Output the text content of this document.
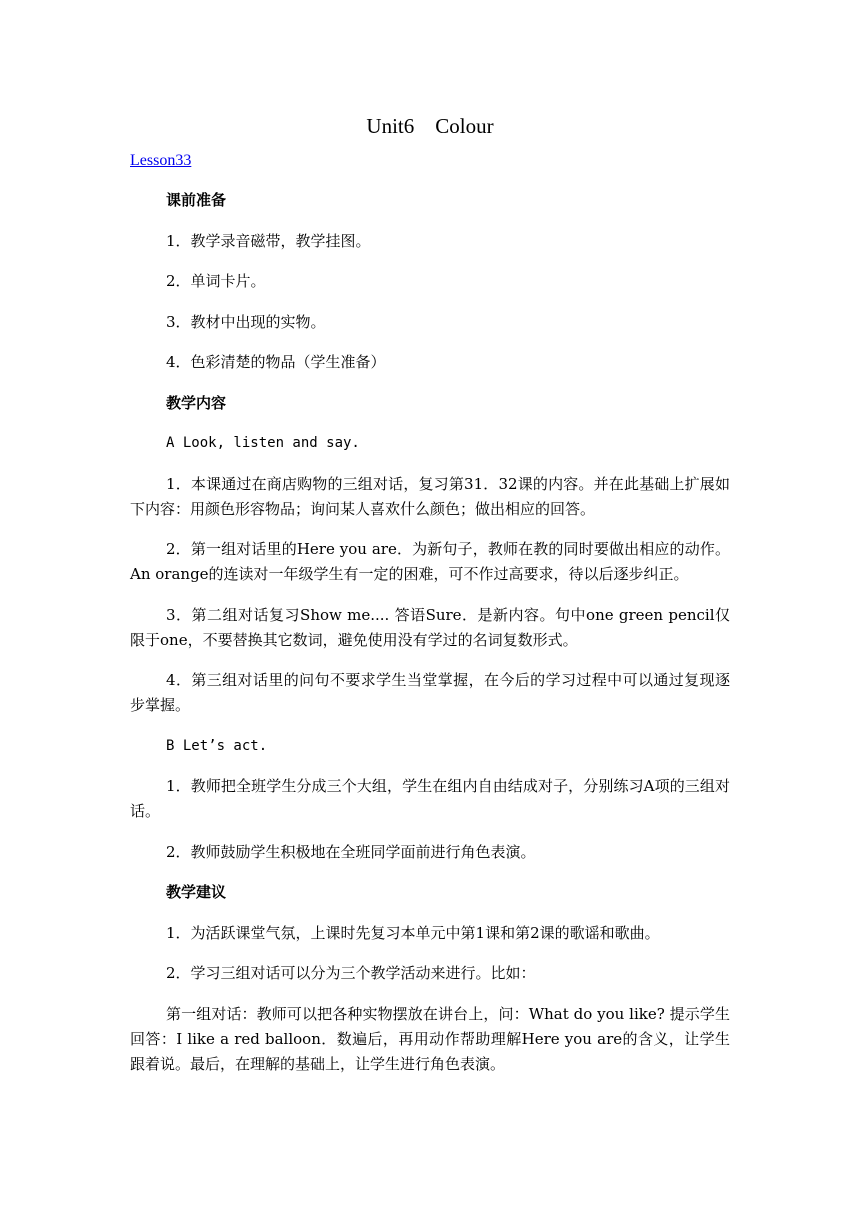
Unit6    Colour
Lesson33

课前准备

1．教学录音磁带，教学挂图。

2．单词卡片。

3．教材中出现的实物。

4．色彩清楚的物品（学生准备）

教学内容

A Look, listen and say.

1．本课通过在商店购物的三组对话，复习第31．32课的内容。并在此基础上扩展如下内容：用颜色形容物品；询问某人喜欢什么颜色；做出相应的回答。

2．第一组对话里的Here you are．为新句子，教师在教的同时要做出相应的动作。An orange的连读对一年级学生有一定的困难，可不作过高要求，待以后逐步纠正。

3．第二组对话复习Show me.... 答语Sure．是新内容。句中one green pencil仅限于one，不要替换其它数词，避免使用没有学过的名词复数形式。

4．第三组对话里的问句不要求学生当堂掌握，在今后的学习过程中可以通过复现逐步掌握。

B Let’s act.

1．教师把全班学生分成三个大组，学生在组内自由结成对子，分别练习A项的三组对话。

2．教师鼓励学生积极地在全班同学面前进行角色表演。

教学建议

1．为活跃课堂气氛，上课时先复习本单元中第1课和第2课的歌谣和歌曲。

2．学习三组对话可以分为三个教学活动来进行。比如：

第一组对话：教师可以把各种实物摆放在讲台上，问：What do you like? 提示学生回答：I like a red balloon．数遍后，再用动作帮助理解Here you are的含义，让学生跟着说。最后，在理解的基础上，让学生进行角色表演。
